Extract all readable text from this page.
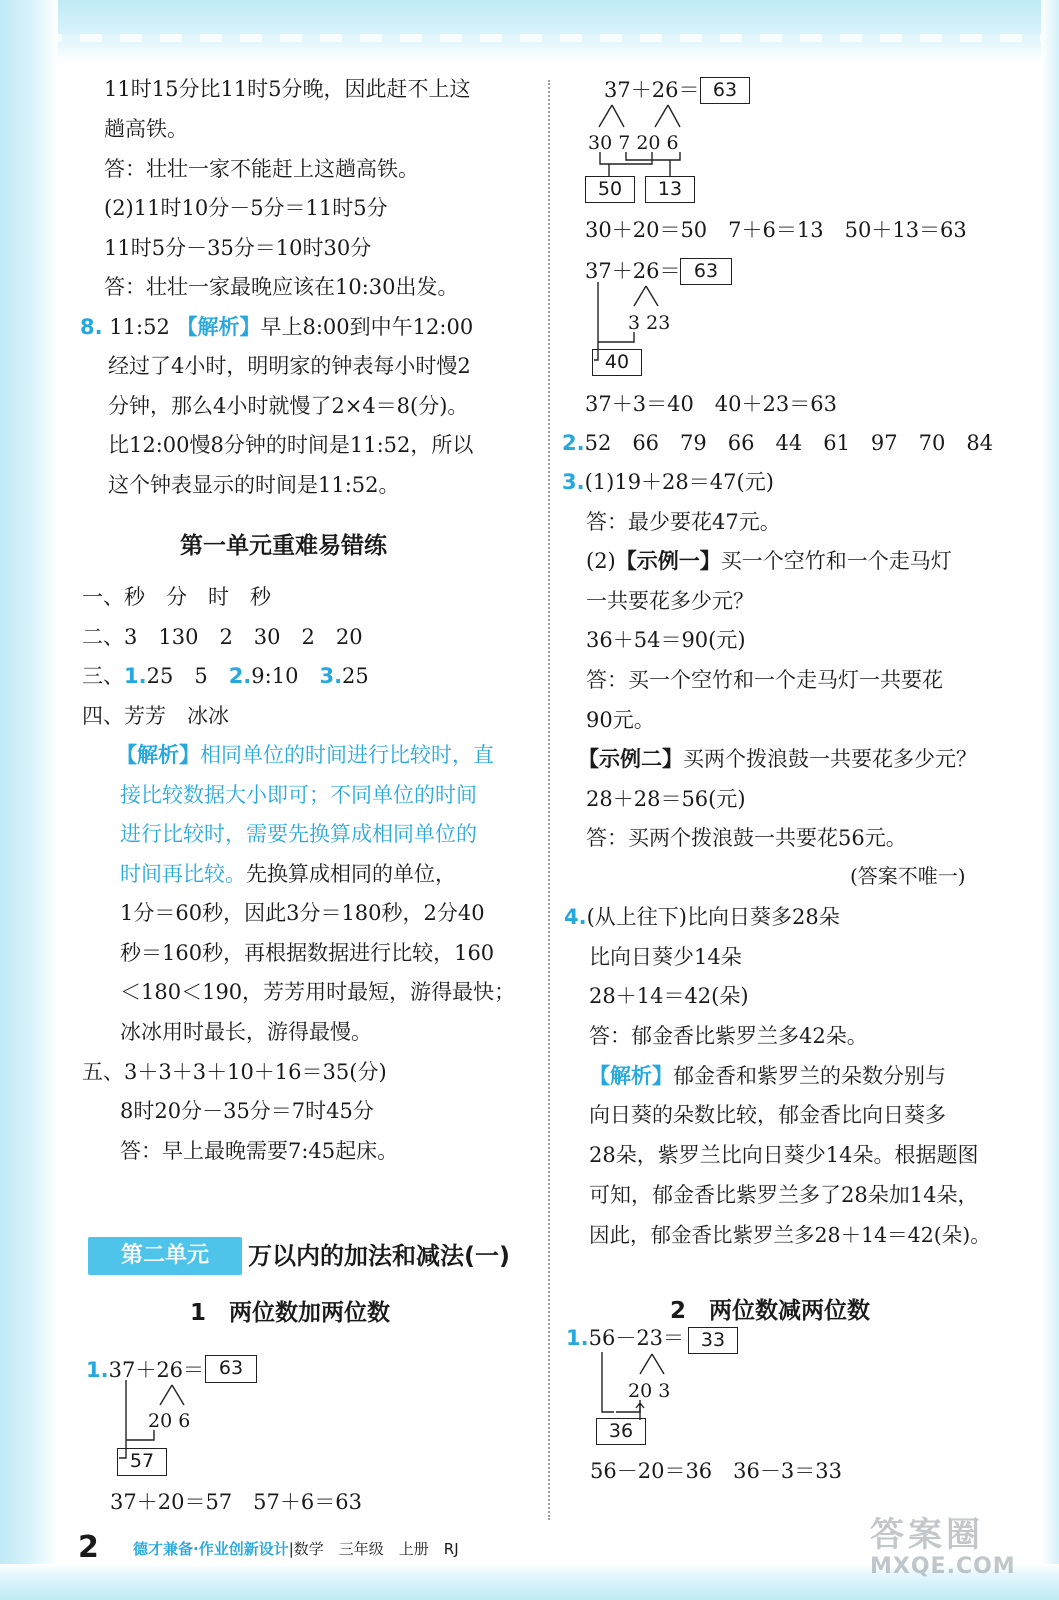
11时15分比11时5分晚，因此赶不上这
趟高铁。
答：壮壮一家不能赶上这趟高铁。
(2)11时10分－5分＝11时5分
11时5分－35分＝10时30分
答：壮壮一家最晚应该在10:30出发。
8. 11:52 【解析】早上8:00到中午12:00
经过了4小时，明明家的钟表每小时慢2
分钟，那么4小时就慢了2×4＝8(分)。
比12:00慢8分钟的时间是11:52，所以
这个钟表显示的时间是11:52。
第一单元重难易错练
一、秒　分　时　秒
二、3　130　2　30　2　20
三、1.25　5　2.9:10　3.25
四、芳芳　冰冰
【解析】相同单位的时间进行比较时，直
接比较数据大小即可；不同单位的时间
进行比较时，需要先换算成相同单位的
时间再比较。先换算成相同的单位，
1分＝60秒，因此3分＝180秒，2分40
秒＝160秒，再根据数据进行比较，160
＜180＜190，芳芳用时最短，游得最快；
冰冰用时最长，游得最慢。
五、3＋3＋3＋10＋16＝35(分)
8时20分－35分＝7时45分
答：早上最晚需要7:45起床。
第二单元	万以内的加法和减法(一)
1　两位数加两位数
1.37＋26＝ 63
20 6
57
37＋20＝57　57＋6＝63
37＋26＝ 63
30 7 20 6
50	13
30＋20＝50　7＋6＝13　50＋13＝63
37＋26＝ 63
3 23
40
37＋3＝40　40＋23＝63
2.52　66　79　66　44　61　97　70　84
3.(1)19＋28＝47(元)
答：最少要花47元。
(2)【示例一】买一个空竹和一个走马灯
一共要花多少元？
36＋54＝90(元)
答：买一个空竹和一个走马灯一共要花
90元。
【示例二】买两个拨浪鼓一共要花多少元？
28＋28＝56(元)
答：买两个拨浪鼓一共要花56元。
(答案不唯一)
4.(从上往下)比向日葵多28朵
比向日葵少14朵
28＋14＝42(朵)
答：郁金香比紫罗兰多42朵。
【解析】郁金香和紫罗兰的朵数分别与
向日葵的朵数比较，郁金香比向日葵多
28朵，紫罗兰比向日葵少14朵。根据题图
可知，郁金香比紫罗兰多了28朵加14朵，
因此，郁金香比紫罗兰多28＋14＝42(朵)。
2　两位数减两位数
1.56－23＝ 33
20 3
36
56－20＝36　36－3＝33
2 德才兼备·作业创新设计|数学　三年级　上册　RJ	答案圈
MXQE.COM
